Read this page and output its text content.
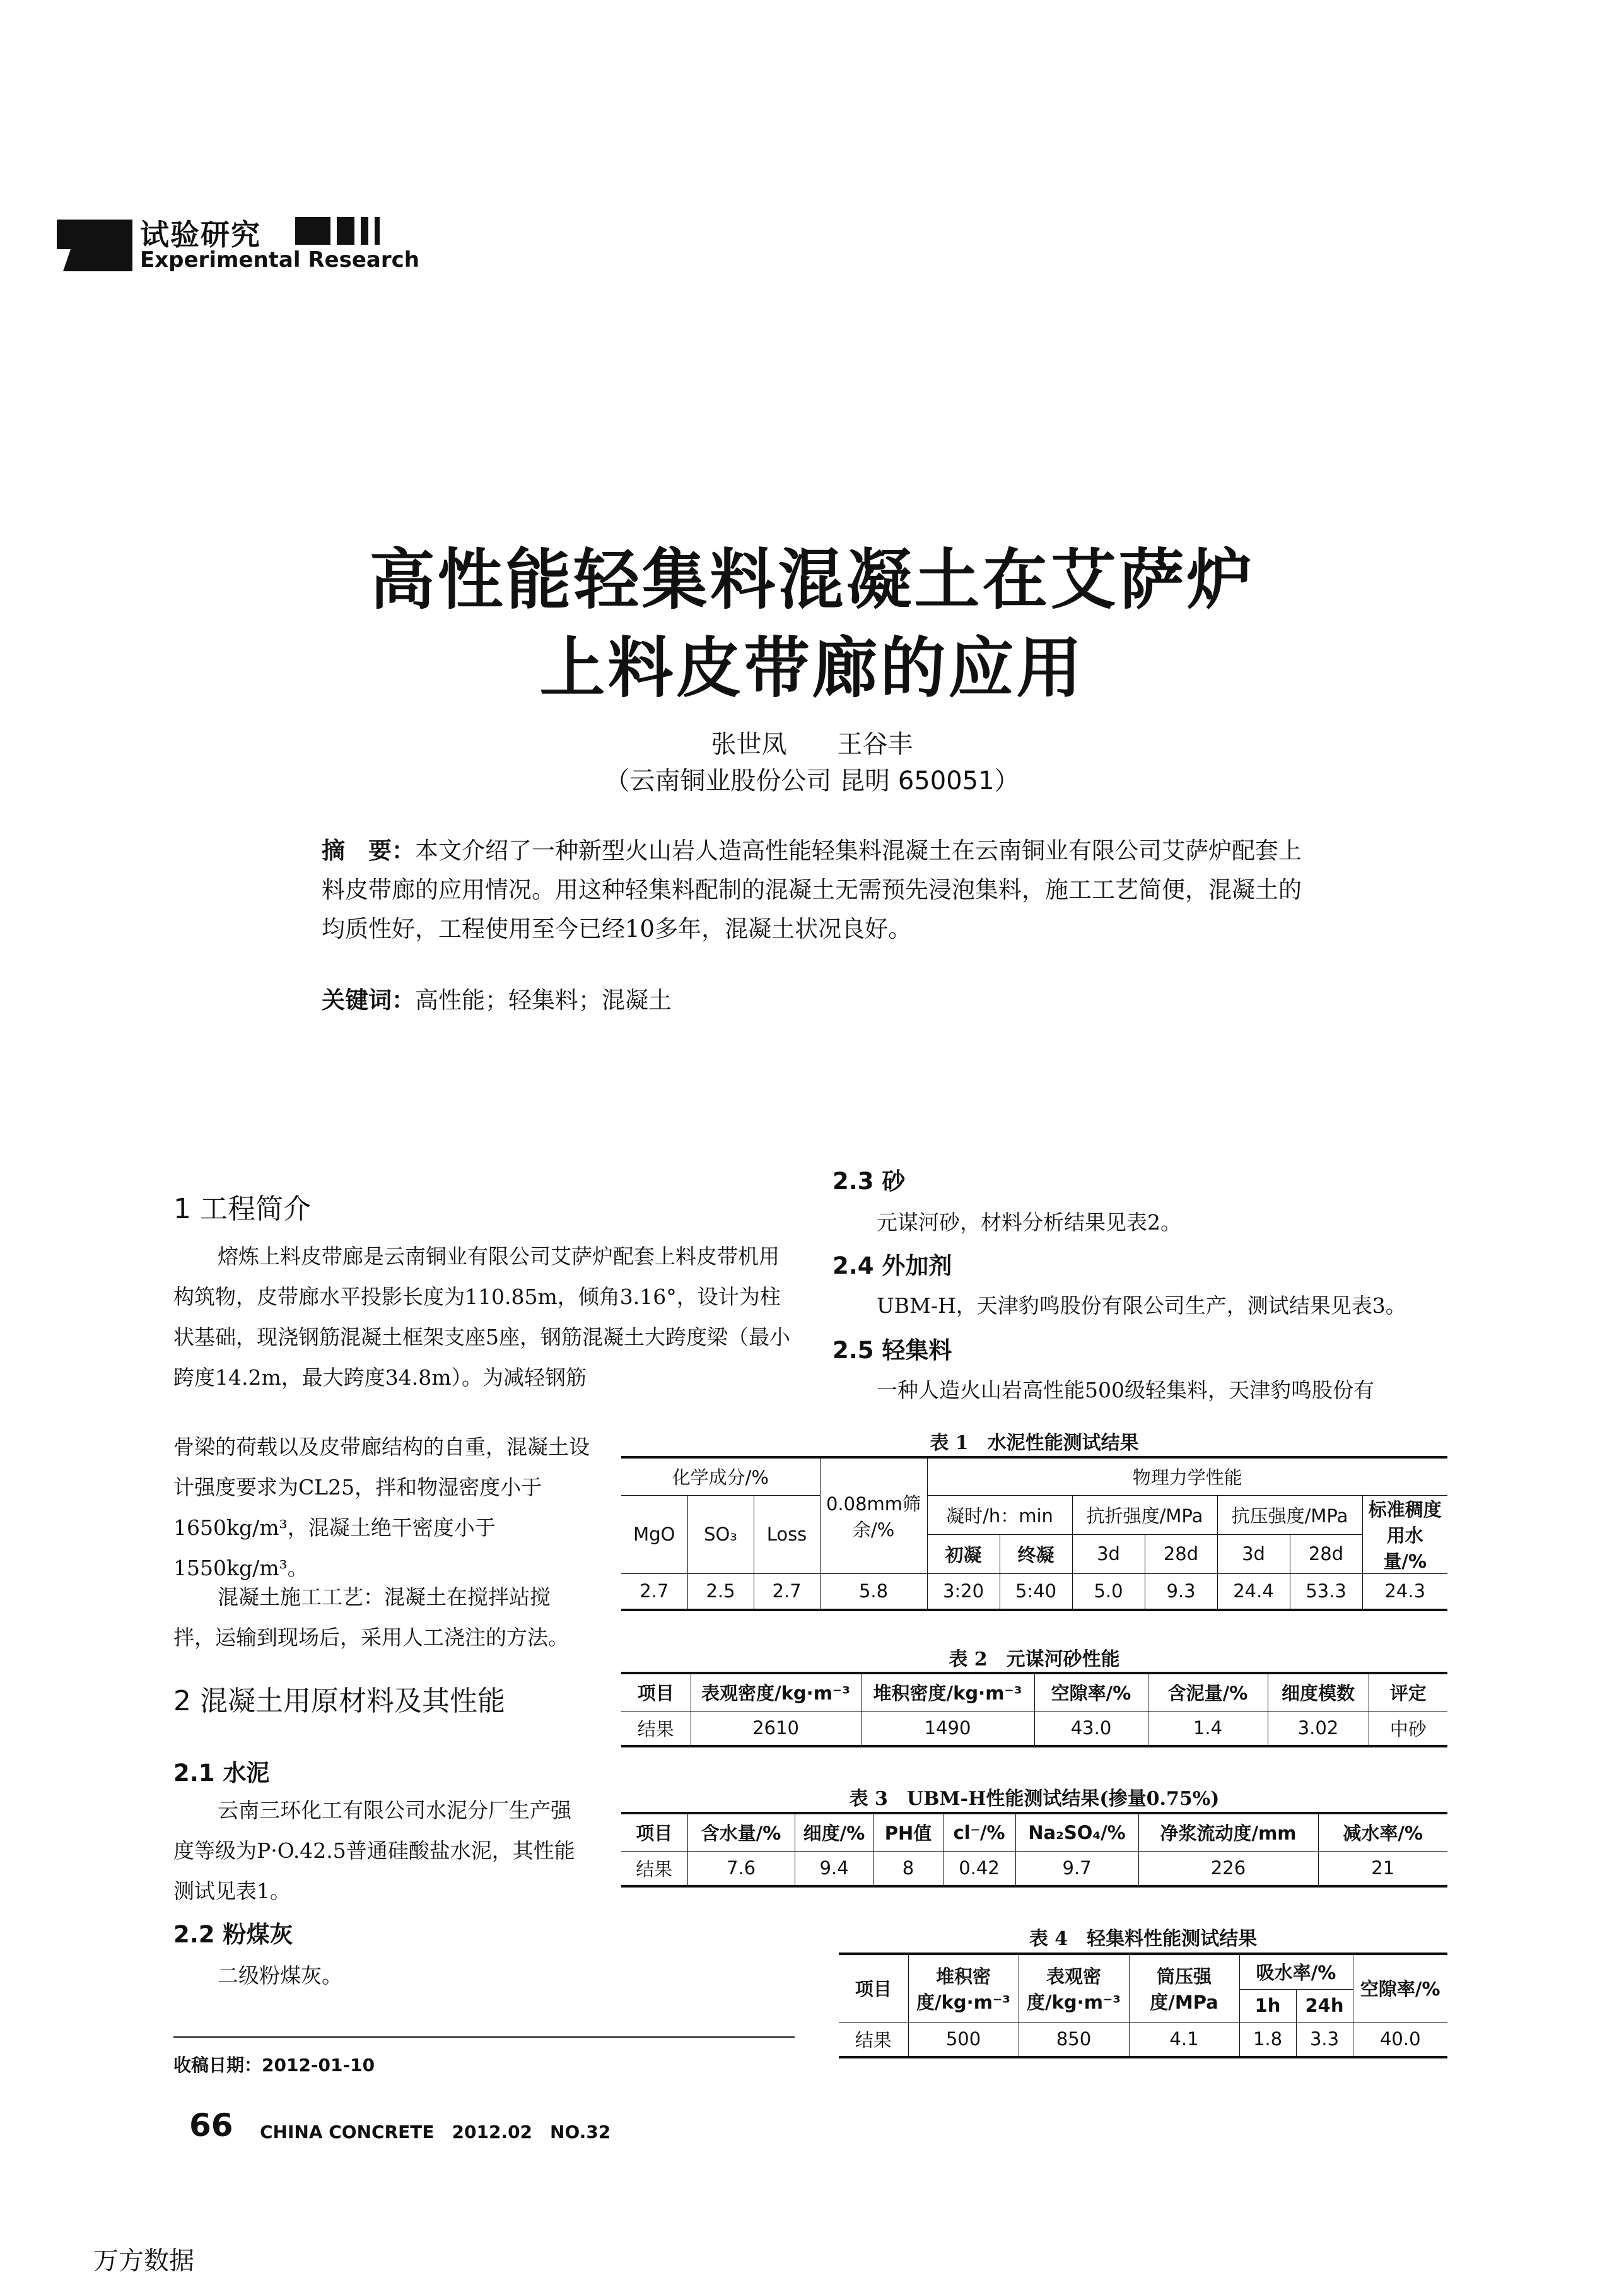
试验研究
Experimental Research
高性能轻集料混凝土在艾萨炉
上料皮带廊的应用
张世凤　　王谷丰
（云南铜业股份公司 昆明 650051）
摘　要：本文介绍了一种新型火山岩人造高性能轻集料混凝土在云南铜业有限公司艾萨炉配套上料皮带廊的应用情况。用这种轻集料配制的混凝土无需预先浸泡集料，施工工艺简便，混凝土的均质性好，工程使用至今已经10多年，混凝土状况良好。
关键词：高性能；轻集料；混凝土
1 工程简介
熔炼上料皮带廊是云南铜业有限公司艾萨炉配套上料皮带机用构筑物，皮带廊水平投影长度为110.85m，倾角3.16°，设计为柱状基础，现浇钢筋混凝土框架支座5座，钢筋混凝土大跨度梁（最小跨度14.2m，最大跨度34.8m）。为减轻钢筋
骨梁的荷载以及皮带廊结构的自重，混凝土设计强度要求为CL25，拌和物湿密度小于1650kg/m³，混凝土绝干密度小于1550kg/m³。
混凝土施工工艺：混凝土在搅拌站搅拌，运输到现场后，采用人工浇注的方法。
2 混凝土用原材料及其性能
2.1 水泥
云南三环化工有限公司水泥分厂生产强度等级为P·O.42.5普通硅酸盐水泥，其性能测试见表1。
2.2 粉煤灰
二级粉煤灰。
2.3 砂
元谋河砂，材料分析结果见表2。
2.4 外加剂
UBM-H，天津豹鸣股份有限公司生产，测试结果见表3。
2.5 轻集料
一种人造火山岩高性能500级轻集料，天津豹鸣股份有
表 1　水泥性能测试结果
化学成分/%			0.08mm筛余/%	物理力学性能						
MgO	SO₃	Loss		凝时/h：min		抗折强度/MPa		抗压强度/MPa		标准稠度用水量/%
				初凝	终凝	3d	28d	3d	28d	
2.7	2.5	2.7	5.8	3:20	5:40	5.0	9.3	24.4	53.3	24.3
表 2　元谋河砂性能
项目	表观密度/kg·m⁻³	堆积密度/kg·m⁻³	空隙率/%	含泥量/%	细度模数	评定
结果	2610	1490	43.0	1.4	3.02	中砂
表 3　UBM-H性能测试结果(掺量0.75%)
项目	含水量/%	细度/%	PH值	cl⁻/%	Na₂SO₄/%	净浆流动度/mm	减水率/%
结果	7.6	9.4	8	0.42	9.7	226	21
表 4　轻集料性能测试结果
项目	堆积密度/kg·m⁻³	表观密度/kg·m⁻³	筒压强度/MPa	吸水率/%		空隙率/%
				1h	24h	
结果	500	850	4.1	1.8	3.3	40.0
收稿日期：2012-01-10
66 CHINA CONCRETE　2012.02　NO.32
万方数据
